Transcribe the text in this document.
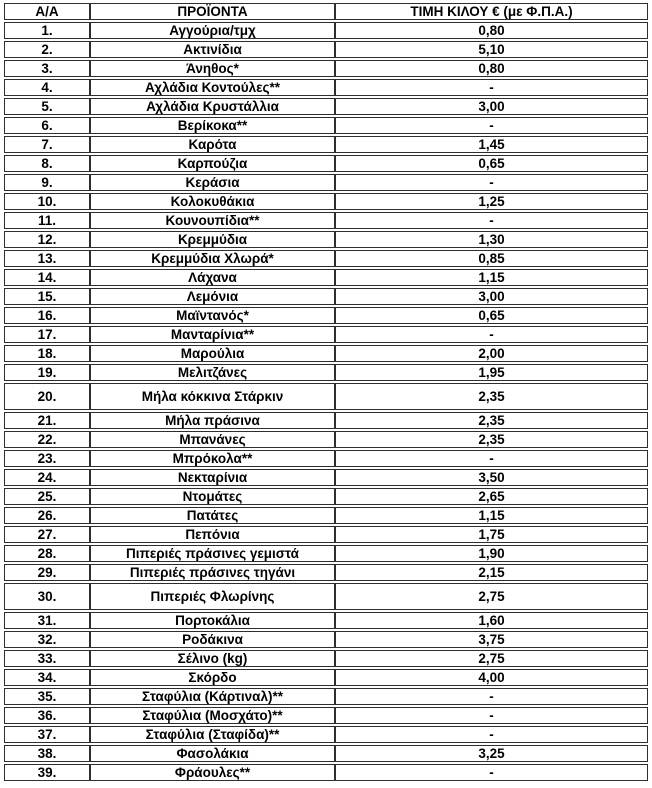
Α/Α	ΠΡΟΪΟΝΤΑ	ΤΙΜΗ ΚΙΛΟΥ € (με Φ.Π.Α.)
1.	Αγγούρια/τμχ	0,80
2.	Ακτινίδια	5,10
3.	Άνηθος*	0,80
4.	Αχλάδια Κοντούλες**	-
5.	Αχλάδια Κρυστάλλια	3,00
6.	Βερίκοκα**	-
7.	Καρότα	1,45
8.	Καρπούζια	0,65
9.	Κεράσια	-
10.	Κολοκυθάκια	1,25
11.	Κουνουπίδια**	-
12.	Κρεμμύδια	1,30
13.	Κρεμμύδια Χλωρά*	0,85
14.	Λάχανα	1,15
15.	Λεμόνια	3,00
16.	Μαϊντανός*	0,65
17.	Μανταρίνια**	-
18.	Μαρούλια	2,00
19.	Μελιτζάνες	1,95
20.	Μήλα κόκκινα Στάρκιν	2,35
21.	Μήλα πράσινα	2,35
22.	Μπανάνες	2,35
23.	Μπρόκολα**	-
24.	Νεκταρίνια	3,50
25.	Ντομάτες	2,65
26.	Πατάτες	1,15
27.	Πεπόνια	1,75
28.	Πιπεριές πράσινες γεμιστά	1,90
29.	Πιπεριές πράσινες τηγάνι	2,15
30.	Πιπεριές Φλωρίνης	2,75
31.	Πορτοκάλια	1,60
32.	Ροδάκινα	3,75
33.	Σέλινο (kg)	2,75
34.	Σκόρδο	4,00
35.	Σταφύλια (Κάρτιναλ)**	-
36.	Σταφύλια (Μοσχάτο)**	-
37.	Σταφύλια (Σταφίδα)**	-
38.	Φασολάκια	3,25
39.	Φράουλες**	-
